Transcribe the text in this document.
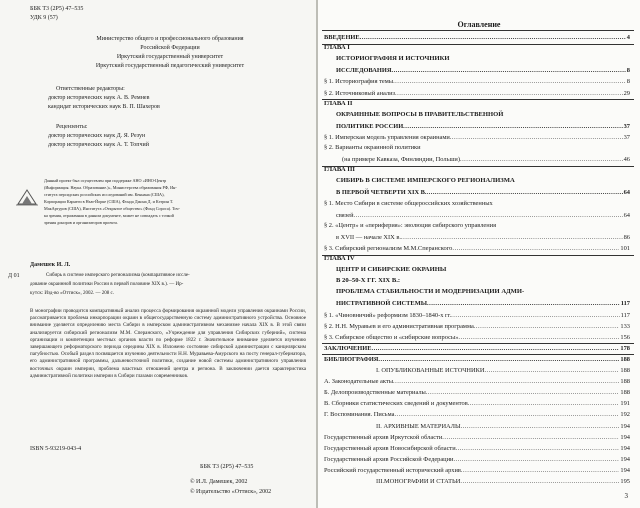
ББК Т3 (2Р5) 47–535
УДК 9 (57)
Министерство общего и профессионального образования
Российской Федерации
Иркутский государственный университет
Иркутский государственный педагогический университет
Ответственные редакторы:
доктор исторических наук А. В. Ремнев
кандидат исторических наук В. П. Шахеров
Рецензенты:
доктор исторических наук Д. Я. Резун
доктор исторических наук А. Т. Топчий
Данный проект был осуществлен при поддержке АНО «ИНО-Центр
(Информация. Наука. Образование.)», Министерства образования РФ, Ин-
ститута персидских российских исследований им. Кеннана (США),
Корпорации Карнеги в Нью-Йорке (США), Фонда Джона Д. и Кэтрин Т.
МакАртуров (США), Института «Открытое общество» (Фонд Сороса). Точ-
ка зрения, отраженная в данном документе, может не совпадать с точкой
зрения доноров и организаторов проекта.
Дамешек И. Л.
Д 01	Сибирь в системе имперского регионализма (компаративное иссле-
дование окраинной политики России в первой половине XIX в.). — Ир-
кутск: Изд-во «Оттиск», 2002. — 208 с.
В монографии проводится компаративный анализ процесса формирования окраинной модели управления окраинами России, рассматривается проблема инкорпорации окраин в общегосударственную систему административного устройства. Основное внимание уделяется определению места Сибири в имперском административном механизме начала XIX в. В этой связи анализируется сибирский регионализм М.М. Сперанского, «Учреждение для управления Сибирских губерний», система организации и компетенции местных органов власти по реформе 1822 г. Значительное внимание уделяется изучению завершающего реформаторского периода середины XIX в. Изложено состояние сибирской администрации с канцелярским пагубностью. Особый раздел посвящается изучению деятельности Н.Н. Муравьева-Амурского на посту генерал-губернатора, его административной программы, дальневосточной политики, создание новой системы административного управления восточных окраин империи, проблема властных отношений центра и региона. В заключении дается характеристика административной политики империи в Сибири глазами современников.
ISBN 5-93219-043-4
ББК Т3 (2Р5) 47–535
© И.Л. Дамешек, 2002
© Издательство «Оттиск», 2002
Оглавление
ВВЕДЕНИЕ .....	4
ГЛАВА I
ИСТОРИОГРАФИЯ И ИСТОЧНИКИ
ИССЛЕДОВАНИЯ .....	8
§ 1. Историография темы .....	8
§ 2. Источниковый анализ .....	29
ГЛАВА II
ОКРАИННЫЕ ВОПРОСЫ В ПРАВИТЕЛЬСТВЕННОЙ
ПОЛИТИКЕ РОССИИ .....	37
§ 1. Имперская модель управления окраинами .....	37
§ 2. Варианты окраинной политики
(на примере Кавказа, Финляндии, Польши) .....	46
ГЛАВА III
СИБИРЬ В СИСТЕМЕ ИМПЕРСКОГО РЕГИОНАЛИЗМА
В ПЕРВОЙ ЧЕТВЕРТИ XIX В. .....	64
§ 1. Место Сибири в системе общероссийских хозяйственных
связей .....	64
§ 2. «Центр» и «периферия»: эволюция сибирского управления
в XVII — начале XIX в. .....	86
§ 3. Сибирский регионализм М.М.Сперанского .....	101
ГЛАВА IV
ЦЕНТР И СИБИРСКИЕ ОКРАИНЫ
В 20–50-Х ГГ. XIX В.:
ПРОБЛЕМА СТАБИЛЬНОСТИ И МОДЕРНИЗАЦИИ АДМИ-
НИСТРАТИВНОЙ СИСТЕМЫ .....	117
§ 1. «Чиновничий» реформизм 1830–1840-х гг. .....	117
§ 2. Н.Н. Муравьев и его административная программа .....	133
§ 3. Сибирское общество и «сибирские вопросы» .....	156
ЗАКЛЮЧЕНИЕ .....	178
БИБЛИОГРАФИЯ .....	188
I. ОПУБЛИКОВАННЫЕ ИСТОЧНИКИ .....	188
А. Законодательные акты .....	188
Б. Делопроизводственные материалы .....	188
В. Сборники статистических сведений и документов .....	191
Г. Воспоминания. Письма .....	192
II. АРХИВНЫЕ МАТЕРИАЛЫ .....	194
Государственный архив Иркутской области .....	194
Государственный архив Новосибирской области .....	194
Государственный архив Российской Федерации .....	194
Российский государственный исторический архив .....	194
III.МОНОГРАФИИ И СТАТЬИ .....	195
3
